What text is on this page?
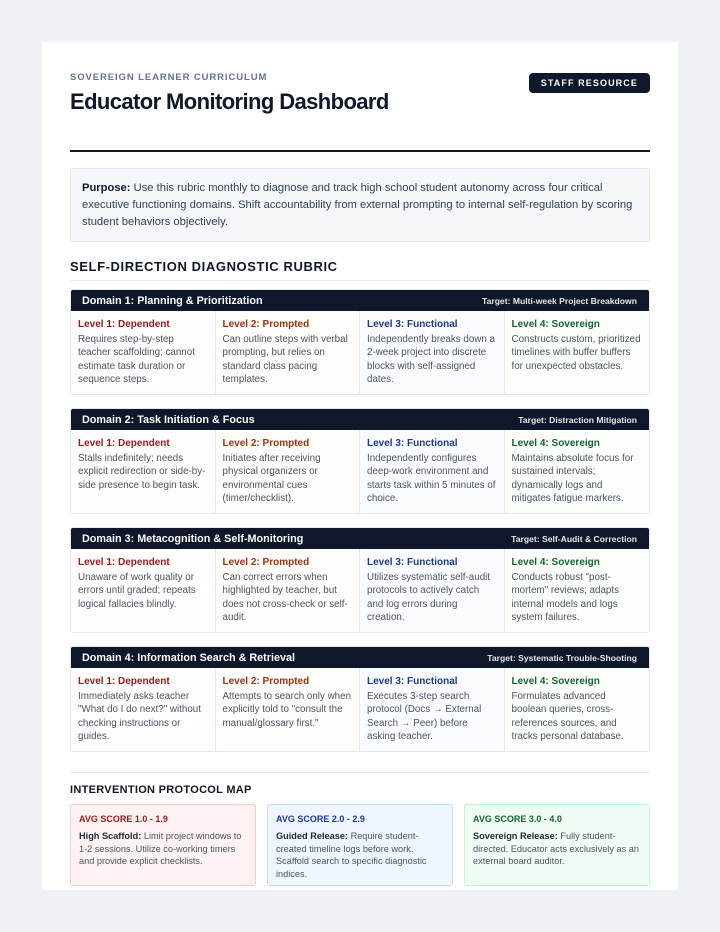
SOVEREIGN LEARNER CURRICULUM
Educator Monitoring Dashboard
STAFF RESOURCE
Purpose: Use this rubric monthly to diagnose and track high school student autonomy across four critical executive functioning domains. Shift accountability from external prompting to internal self-regulation by scoring student behaviors objectively.
SELF-DIRECTION DIAGNOSTIC RUBRIC
Domain 1: Planning & Prioritization	Target: Multi-week Project Breakdown
Level 1: Dependent
Requires step-by-step teacher scaffolding; cannot estimate task duration or sequence steps.
Level 2: Prompted
Can outline steps with verbal prompting, but relies on standard class pacing templates.
Level 3: Functional
Independently breaks down a 2-week project into discrete blocks with self-assigned dates.
Level 4: Sovereign
Constructs custom, prioritized timelines with buffer buffers for unexpected obstacles.
Domain 2: Task Initiation & Focus	Target: Distraction Mitigation
Level 1: Dependent
Stalls indefinitely; needs explicit redirection or side-by-side presence to begin task.
Level 2: Prompted
Initiates after receiving physical organizers or environmental cues (timer/checklist).
Level 3: Functional
Independently configures deep-work environment and starts task within 5 minutes of choice.
Level 4: Sovereign
Maintains absolute focus for sustained intervals; dynamically logs and mitigates fatigue markers.
Domain 3: Metacognition & Self-Monitoring	Target: Self-Audit & Correction
Level 1: Dependent
Unaware of work quality or errors until graded; repeats logical fallacies blindly.
Level 2: Prompted
Can correct errors when highlighted by teacher, but does not cross-check or self-audit.
Level 3: Functional
Utilizes systematic self-audit protocols to actively catch and log errors during creation.
Level 4: Sovereign
Conducts robust "post-mortem" reviews; adapts internal models and logs system failures.
Domain 4: Information Search & Retrieval	Target: Systematic Trouble-Shooting
Level 1: Dependent
Immediately asks teacher "What do I do next?" without checking instructions or guides.
Level 2: Prompted
Attempts to search only when explicitly told to "consult the manual/glossary first."
Level 3: Functional
Executes 3-step search protocol (Docs → External Search → Peer) before asking teacher.
Level 4: Sovereign
Formulates advanced boolean queries, cross-references sources, and tracks personal database.
INTERVENTION PROTOCOL MAP
AVG SCORE 1.0 - 1.9
High Scaffold: Limit project windows to 1-2 sessions. Utilize co-working timers and provide explicit checklists.
AVG SCORE 2.0 - 2.9
Guided Release: Require student-created timeline logs before work. Scaffold search to specific diagnostic indices.
AVG SCORE 3.0 - 4.0
Sovereign Release: Fully student-directed. Educator acts exclusively as an external board auditor.
